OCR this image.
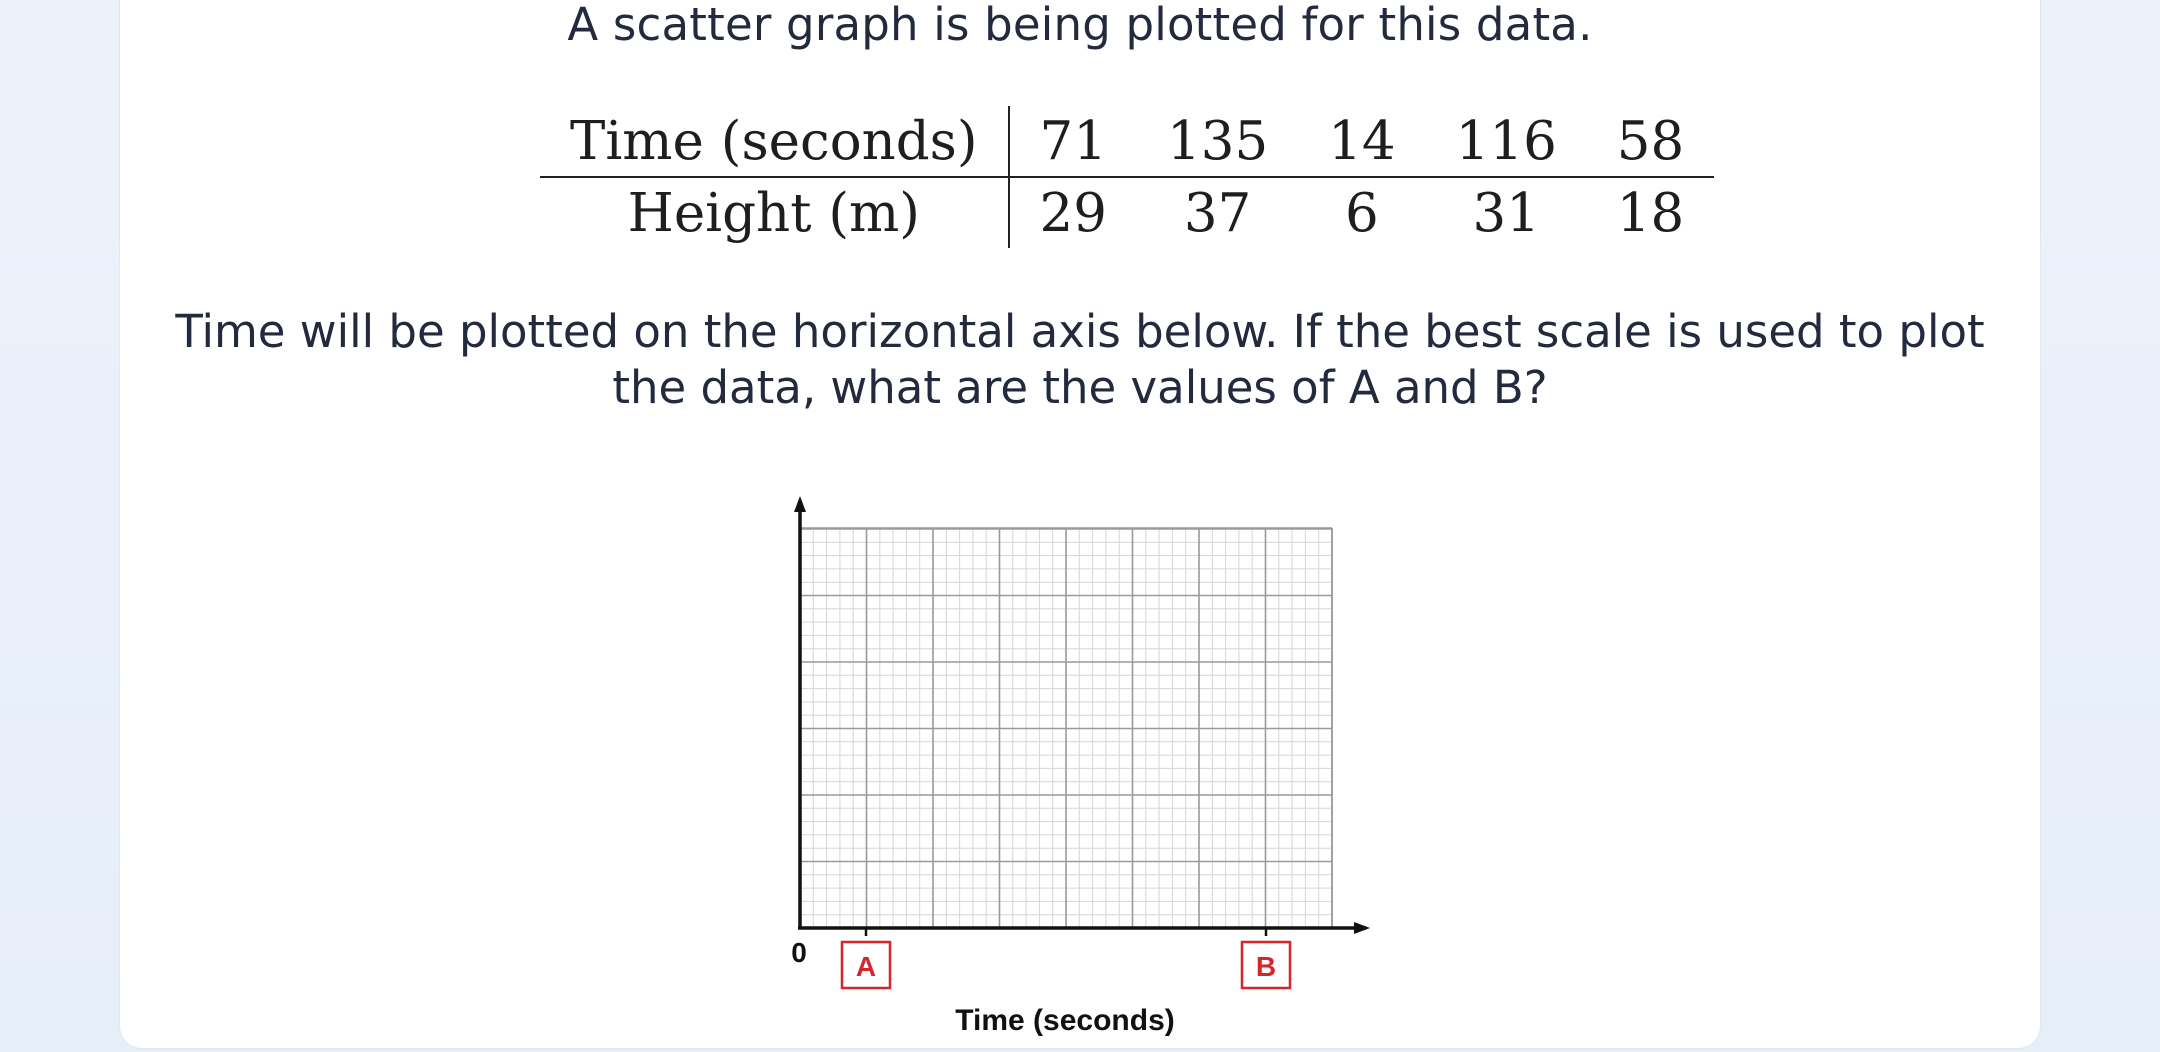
A scatter graph is being plotted for this data.
Time (seconds)	71	135	14	116	58
Height (m)	29	37	6	31	18
Time will be plotted on the horizontal axis below. If the best scale is used to plot
the data, what are the values of A and B?
0 A	B
Time (seconds)
